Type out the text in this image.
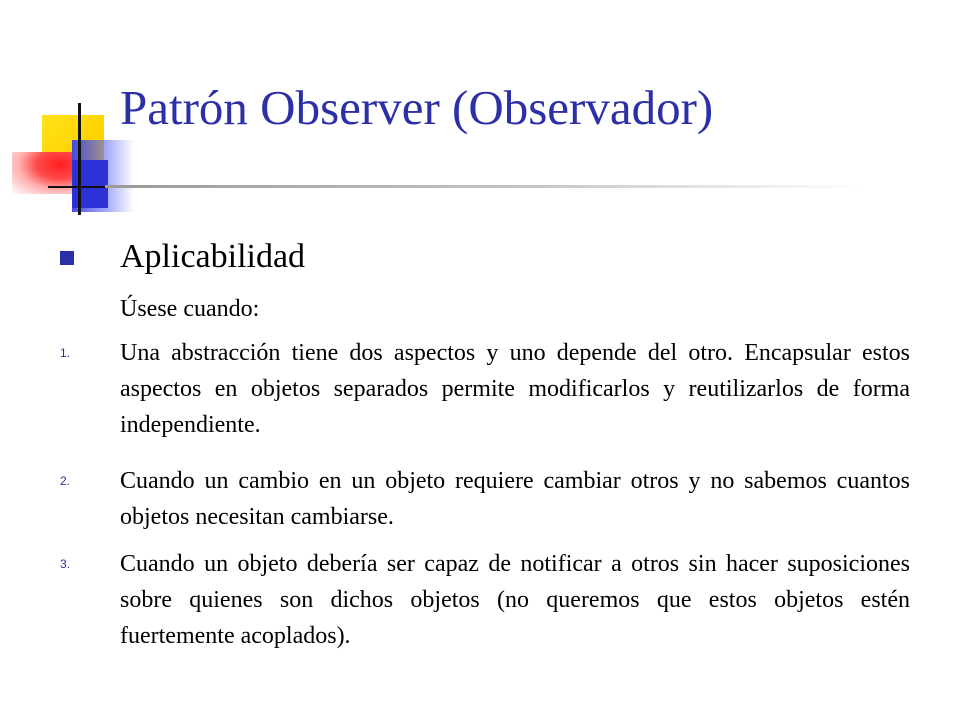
Patrón Observer (Observador)
Aplicabilidad
Úsese cuando:
1. Una abstracción tiene dos aspectos y uno depende del otro. Encapsular estos aspectos en objetos separados permite modificarlos y reutilizarlos de forma independiente.
2. Cuando un cambio en un objeto requiere cambiar otros y no sabemos cuantos objetos necesitan cambiarse.
3. Cuando un objeto debería ser capaz de notificar a otros sin hacer suposiciones sobre quienes son dichos objetos (no queremos que estos objetos estén fuertemente acoplados).
